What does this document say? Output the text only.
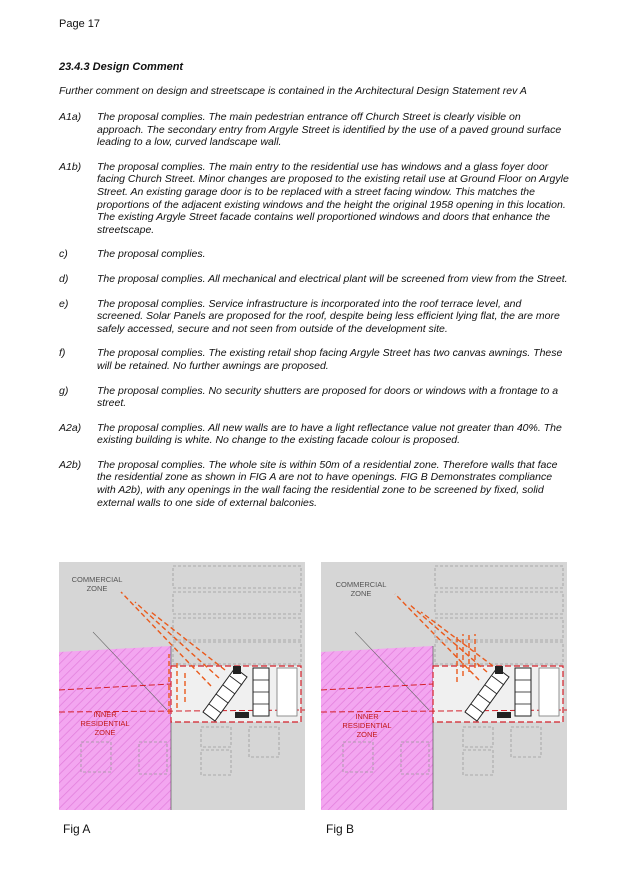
Page 17
23.4.3 Design Comment
Further comment on design and streetscape is contained in the Architectural Design Statement rev A
A1a)	The proposal complies. The main pedestrian entrance off Church Street is clearly visible on approach. The secondary entry from Argyle Street is identified by the use of a paved ground surface leading to a low, curved landscape wall.
A1b)	The proposal complies. The main entry to the residential use has windows and a glass foyer door facing Church Street. Minor changes are proposed to the existing retail use at Ground Floor on Argyle Street. An existing garage door is to be replaced with a street facing window. This matches the proportions of the adjacent existing windows and the height the original 1958 opening in this location. The existing Argyle Street facade contains well proportioned windows and doors that enhance the streetscape.
c)	The proposal complies.
d)	The proposal complies. All mechanical and electrical plant will be screened from view from the Street.
e)	The proposal complies. Service infrastructure is incorporated into the roof terrace level, and screened. Solar Panels are proposed for the roof, despite being less efficient lying flat, the are more safely accessed, secure and not seen from outside of the development site.
f)	The proposal complies. The existing retail shop facing Argyle Street has two canvas awnings. These will be retained. No further awnings are proposed.
g)	The proposal complies. No security shutters are proposed for doors or windows with a frontage to a street.
A2a)	The proposal complies. All new walls are to have a light reflectance value not greater than 40%. The existing building is white. No change to the existing facade colour is proposed.
A2b)	The proposal complies. The whole site is within 50m of a residential zone. Therefore walls that face the residential zone as shown in FIG A are not to have openings. FIG B Demonstrates compliance with A2b), with any openings in the wall facing the residential zone to be screened by fixed, solid external walls to one side of external balconies.
COMMERCIAL
ZONE
INNER
RESIDENTIAL
ZONE
COMMERCIAL
ZONE
INNER
RESIDENTIAL
ZONE
Fig A	Fig B
